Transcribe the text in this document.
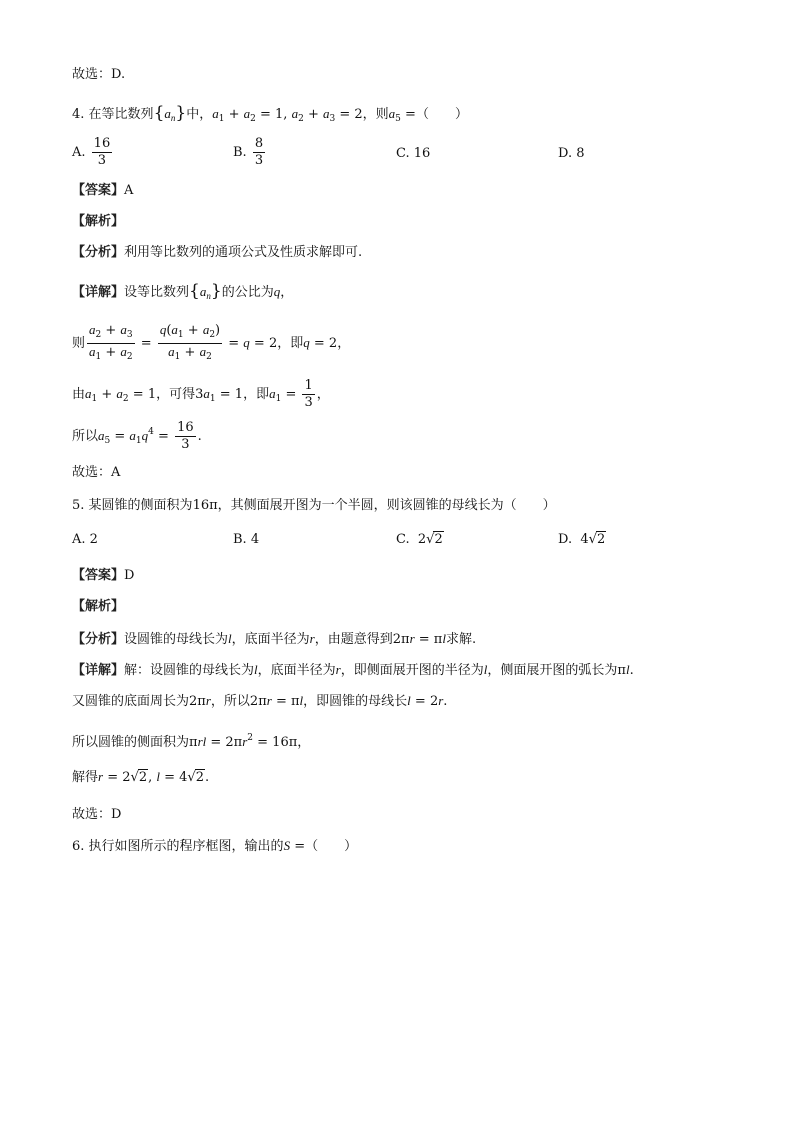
故选：D.
4. 在等比数列$\{a_n\}$中，$a_1 + a_2 = 1$, $a_2 + a_3 = 2$，则$a_5$ =（　　）
A. $\frac{16}{3}$	B. $\frac{8}{3}$	C. 16	D. 8
【答案】A
【解析】
【分析】利用等比数列的通项公式及性质求解即可.
【详解】设等比数列$\{a_n\}$的公比为q，
则 $\frac{a_2 + a_3}{a_1 + a_2} = \frac{q(a_1 + a_2)}{a_1 + a_2} = q = 2$，即q = 2，
由$a_1 + a_2 = 1$，可得$3a_1 = 1$，即$a_1 = \frac{1}{3}$ ，
所以$a_5 = a_1q^4 = \frac{16}{3}$ .
故选：A
5. 某圆锥的侧面积为16π，其侧面展开图为一个半圆，则该圆锥的母线长为（　　）
A. 2	B. 4	C. 2√2	D. 4√2
【答案】D
【解析】
【分析】设圆锥的母线长为l，底面半径为r，由题意得到2πr = πl求解.
【详解】解：设圆锥的母线长为l，底面半径为r，即侧面展开图的半径为l，侧面展开图的弧长为πl.
又圆锥的底面周长为2πr，所以2πr = πl，即圆锥的母线长l = 2r.
所以圆锥的侧面积为$\pi rl = 2\pi r^2 = 16\pi$，
解得r = 2√2, l = 4√2.
故选：D
6. 执行如图所示的程序框图，输出的S =（　　）
